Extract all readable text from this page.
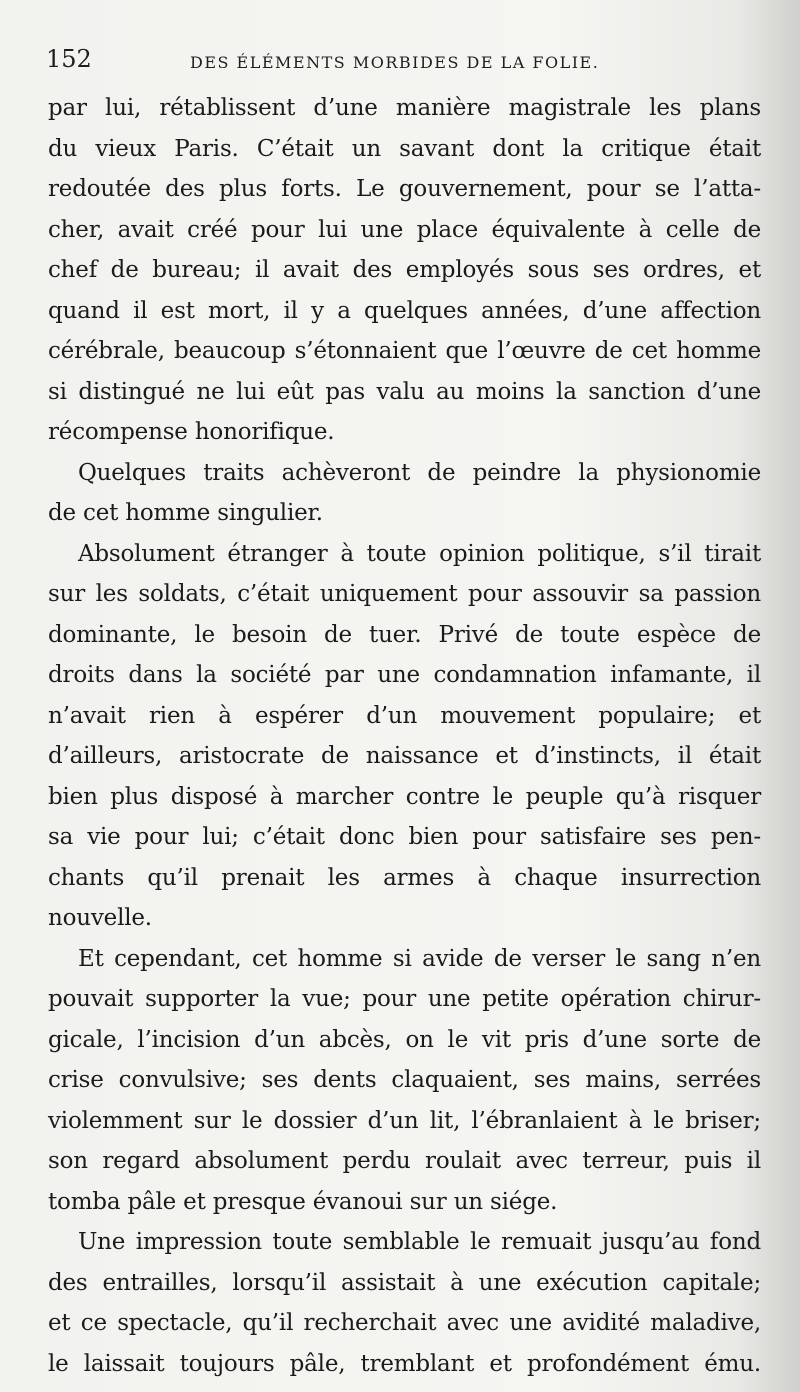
152	DES ÉLÉMENTS MORBIDES DE LA FOLIE.
par lui, rétablissent d’une manière magistrale les plans
du vieux Paris. C’était un savant dont la critique était
redoutée des plus forts. Le gouvernement, pour se l’atta-
cher, avait créé pour lui une place équivalente à celle de
chef de bureau; il avait des employés sous ses ordres, et
quand il est mort, il y a quelques années, d’une affection
cérébrale, beaucoup s’étonnaient que l’œuvre de cet homme
si distingué ne lui eût pas valu au moins la sanction d’une
récompense honorifique.
Quelques traits achèveront de peindre la physionomie
de cet homme singulier.
Absolument étranger à toute opinion politique, s’il tirait
sur les soldats, c’était uniquement pour assouvir sa passion
dominante, le besoin de tuer. Privé de toute espèce de
droits dans la société par une condamnation infamante, il
n’avait rien à espérer d’un mouvement populaire; et
d’ailleurs, aristocrate de naissance et d’instincts, il était
bien plus disposé à marcher contre le peuple qu’à risquer
sa vie pour lui; c’était donc bien pour satisfaire ses pen-
chants qu’il prenait les armes à chaque insurrection
nouvelle.
Et cependant, cet homme si avide de verser le sang n’en
pouvait supporter la vue; pour une petite opération chirur-
gicale, l’incision d’un abcès, on le vit pris d’une sorte de
crise convulsive; ses dents claquaient, ses mains, serrées
violemment sur le dossier d’un lit, l’ébranlaient à le briser;
son regard absolument perdu roulait avec terreur, puis il
tomba pâle et presque évanoui sur un siége.
Une impression toute semblable le remuait jusqu’au fond
des entrailles, lorsqu’il assistait à une exécution capitale;
et ce spectacle, qu’il recherchait avec une avidité maladive,
le laissait toujours pâle, tremblant et profondément ému.
